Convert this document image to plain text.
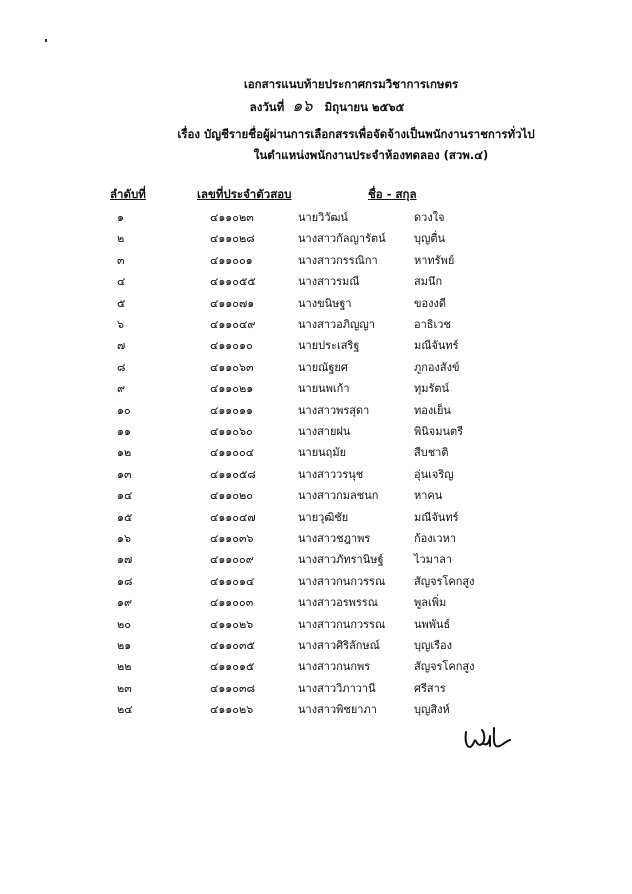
เอกสารแนบท้ายประกาศกรมวิชาการเกษตร
ลงวันที่ ๑๖ มิถุนายน ๒๕๖๕
เรื่อง บัญชีรายชื่อผู้ผ่านการเลือกสรรเพื่อจัดจ้างเป็นพนักงานราชการทั่วไป
ในตำแหน่งพนักงานประจำห้องทดลอง (สวพ.๔)
ลำดับที่	เลขที่ประจำตัวสอบ	ชื่อ - สกุล
๑	๔๑๑๐๒๓	นายวิวัฒน์	ดวงใจ
๒	๔๑๑๐๒๘	นางสาวกัลญารัตน์	บุญตื่น
๓	๔๑๑๐๐๑	นางสาวกรรณิกา	หาทรัพย์
๔	๔๑๑๐๕๕	นางสาวรมณี	สมนึก
๕	๔๑๑๐๗๑	นางขนิษฐา	ของงดี
๖	๔๑๑๐๔๙	นางสาวอภิญญา	อาธิเวช
๗	๔๑๑๐๑๐	นายประเสริฐ	มณีจันทร์
๘	๔๑๑๐๖๓	นายณัฐยศ	ภูกองสังข์
๙	๔๑๑๐๒๑	นายนพเก้า	ทุมรัตน์
๑๐	๔๑๑๐๑๑	นางสาวพรสุดา	ทองเย็น
๑๑	๔๑๑๐๖๐	นางสายฝน	พินิจมนตรี
๑๒	๔๑๑๐๐๔	นายนฤมัย	สืบชาติ
๑๓	๔๑๑๐๕๘	นางสาววรนุช	อุ่นเจริญ
๑๔	๔๑๑๐๒๐	นางสาวกมลชนก	หาคน
๑๕	๔๑๑๐๔๗	นายวุฒิชัย	มณีจันทร์
๑๖	๔๑๑๐๓๖	นางสาวชฎาพร	ก้องเวหา
๑๗	๔๑๑๐๐๙	นางสาวภัทรานิษฐ์	ไวมาลา
๑๘	๔๑๑๐๑๔	นางสาวกนกวรรณ	สัญจรโคกสูง
๑๙	๔๑๑๐๐๓	นางสาวอรพรรณ	พูลเพิ่ม
๒๐	๔๑๑๐๒๖	นางสาวกนกวรรณ	นพพันธ์
๒๑	๔๑๑๐๓๕	นางสาวศิริลักษณ์	บุญเรือง
๒๒	๔๑๑๐๑๕	นางสาวกนกพร	สัญจรโคกสูง
๒๓	๔๑๑๐๓๘	นางสาววิภาวานี	ศรีสาร
๒๔	๔๑๑๐๒๖	นางสาวพิชยาภา	บุญสิงห์
